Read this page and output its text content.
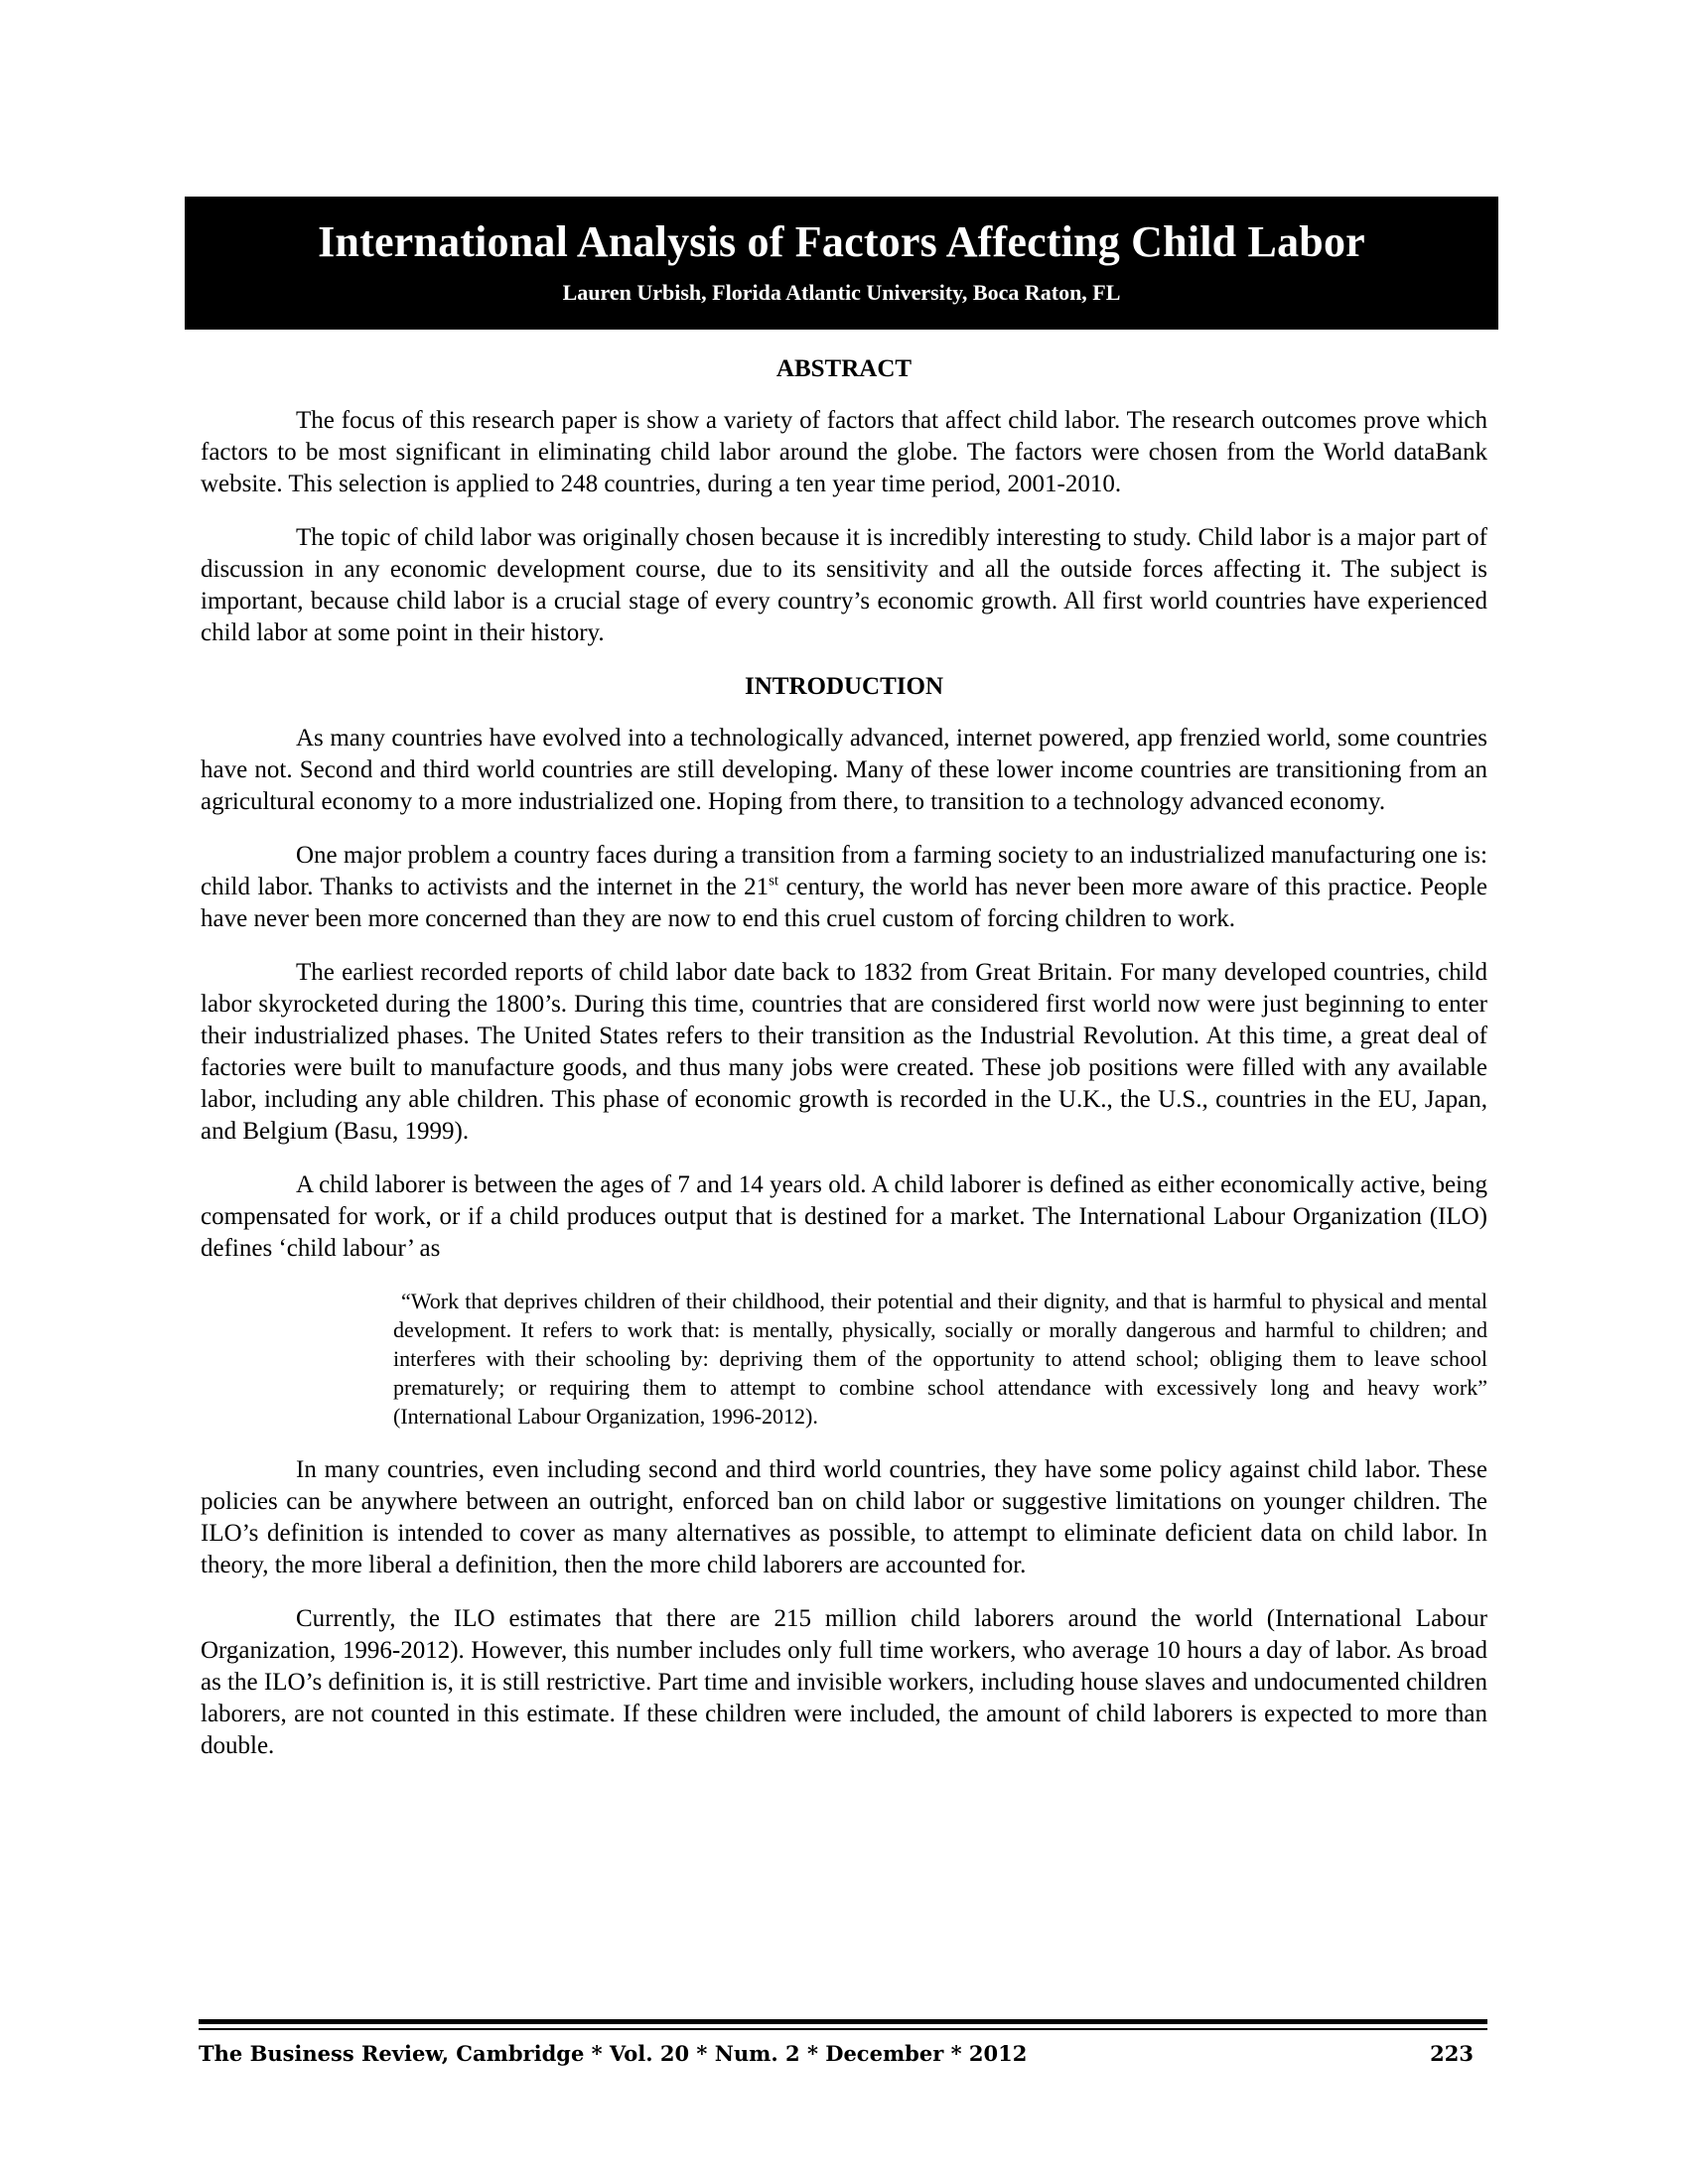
International Analysis of Factors Affecting Child Labor
Lauren Urbish, Florida Atlantic University, Boca Raton, FL
ABSTRACT

The focus of this research paper is show a variety of factors that affect child labor. The research outcomes prove which factors to be most significant in eliminating child labor around the globe. The factors were chosen from the World dataBank website. This selection is applied to 248 countries, during a ten year time period, 2001-2010.

The topic of child labor was originally chosen because it is incredibly interesting to study. Child labor is a major part of discussion in any economic development course, due to its sensitivity and all the outside forces affecting it. The subject is important, because child labor is a crucial stage of every country’s economic growth. All first world countries have experienced child labor at some point in their history.

INTRODUCTION

As many countries have evolved into a technologically advanced, internet powered, app frenzied world, some countries have not. Second and third world countries are still developing. Many of these lower income countries are transitioning from an agricultural economy to a more industrialized one. Hoping from there, to transition to a technology advanced economy.

One major problem a country faces during a transition from a farming society to an industrialized manufacturing one is: child labor. Thanks to activists and the internet in the 21st century, the world has never been more aware of this practice. People have never been more concerned than they are now to end this cruel custom of forcing children to work.

The earliest recorded reports of child labor date back to 1832 from Great Britain. For many developed countries, child labor skyrocketed during the 1800’s. During this time, countries that are considered first world now were just beginning to enter their industrialized phases. The United States refers to their transition as the Industrial Revolution. At this time, a great deal of factories were built to manufacture goods, and thus many jobs were created. These job positions were filled with any available labor, including any able children. This phase of economic growth is recorded in the U.K., the U.S., countries in the EU, Japan, and Belgium (Basu, 1999).

A child laborer is between the ages of 7 and 14 years old. A child laborer is defined as either economically active, being compensated for work, or if a child produces output that is destined for a market. The International Labour Organization (ILO) defines ‘child labour’ as

“Work that deprives children of their childhood, their potential and their dignity, and that is harmful to physical and mental development. It refers to work that: is mentally, physically, socially or morally dangerous and harmful to children; and interferes with their schooling by: depriving them of the opportunity to attend school; obliging them to leave school prematurely; or requiring them to attempt to combine school attendance with excessively long and heavy work” (International Labour Organization, 1996-2012).

In many countries, even including second and third world countries, they have some policy against child labor. These policies can be anywhere between an outright, enforced ban on child labor or suggestive limitations on younger children. The ILO’s definition is intended to cover as many alternatives as possible, to attempt to eliminate deficient data on child labor. In theory, the more liberal a definition, then the more child laborers are accounted for.

Currently, the ILO estimates that there are 215 million child laborers around the world (International Labour Organization, 1996-2012). However, this number includes only full time workers, who average 10 hours a day of labor. As broad as the ILO’s definition is, it is still restrictive. Part time and invisible workers, including house slaves and undocumented children laborers, are not counted in this estimate. If these children were included, the amount of child laborers is expected to more than double.

The Business Review, Cambridge * Vol. 20 * Num. 2 * December * 2012	223
